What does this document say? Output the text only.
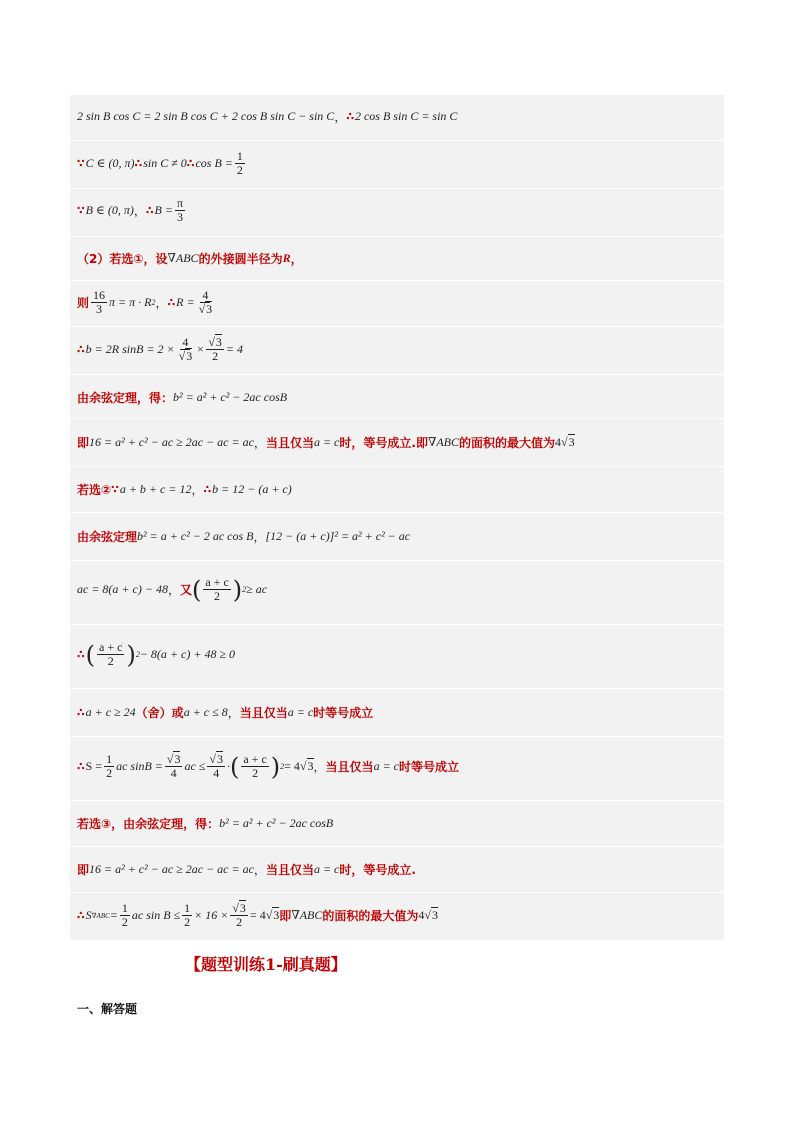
2 sin B cos C = 2 sin B cos C + 2 cos B sin C − sin C ， ∴ 2 cos B sin C = sin C
∵ C ∈ (0, π) ∴ sin C ≠ 0 ∴ $\cos B = \frac{1}{2}$
∵ B ∈ (0, π) ， ∴ $B = \frac{\pi}{3}$
（2）若选①，设 ∇ABC 的外接圆半径为 R ，
则 $\frac{16}{3}$ π = π · R 2 ， ∴ $R = \frac{4}{√3}$
∴ b = 2R $\sin B = 2 \times \frac{4}{√3} \times \frac{√3}{2} = 4$
由余弦定理，得： b² = a² + c² − 2ac cosB
即 16 = a² + c² − ac ≥ 2ac − ac = ac ， 当且仅当 a = c 时，等号成立.即 ∇ABC 的面积的最大值为 4 √3
若选② ∵ a + b + c = 12 ， ∴ b = 12 − (a + c)
由余弦定理 b² = a + c² − 2 ac cos B ， [12 − (a + c)]² = a² + c² − ac
ac = 8(a + c) − 48 ， 又 ( $\frac{a + c}{2}$ ) 2 ≥ ac
∴ ( $\frac{a + c}{2}$ ) 2 − 8(a + c) + 48 ≥ 0
∴ a + c ≥ 24 （舍）或 a + c ≤ 8 ， 当且仅当 a = c 时等号成立
∴ $S = \frac{1}{2}$ ac $\sin B = \frac{√3}{4}$ ac ≤ $\frac{√3}{4}$ · ( $\frac{a + c}{2}$ ) 2 = 4 √3 ， 当且仅当 a = c 时等号成立
若选③，由余弦定理，得： b² = a² + c² − 2ac cosB
即 16 = a² + c² − ac ≥ 2ac − ac = ac ， 当且仅当 a = c 时，等号成立.
∴ S $\nabla ABC = \frac{1}{2}$ ac $\sin B \le \frac{1}{2} \times 16 \times \frac{√3}{2} = 4$ √3 即 ∇ABC 的面积的最大值为 4 √3
【题型训练1-刷真题】
一、解答题
